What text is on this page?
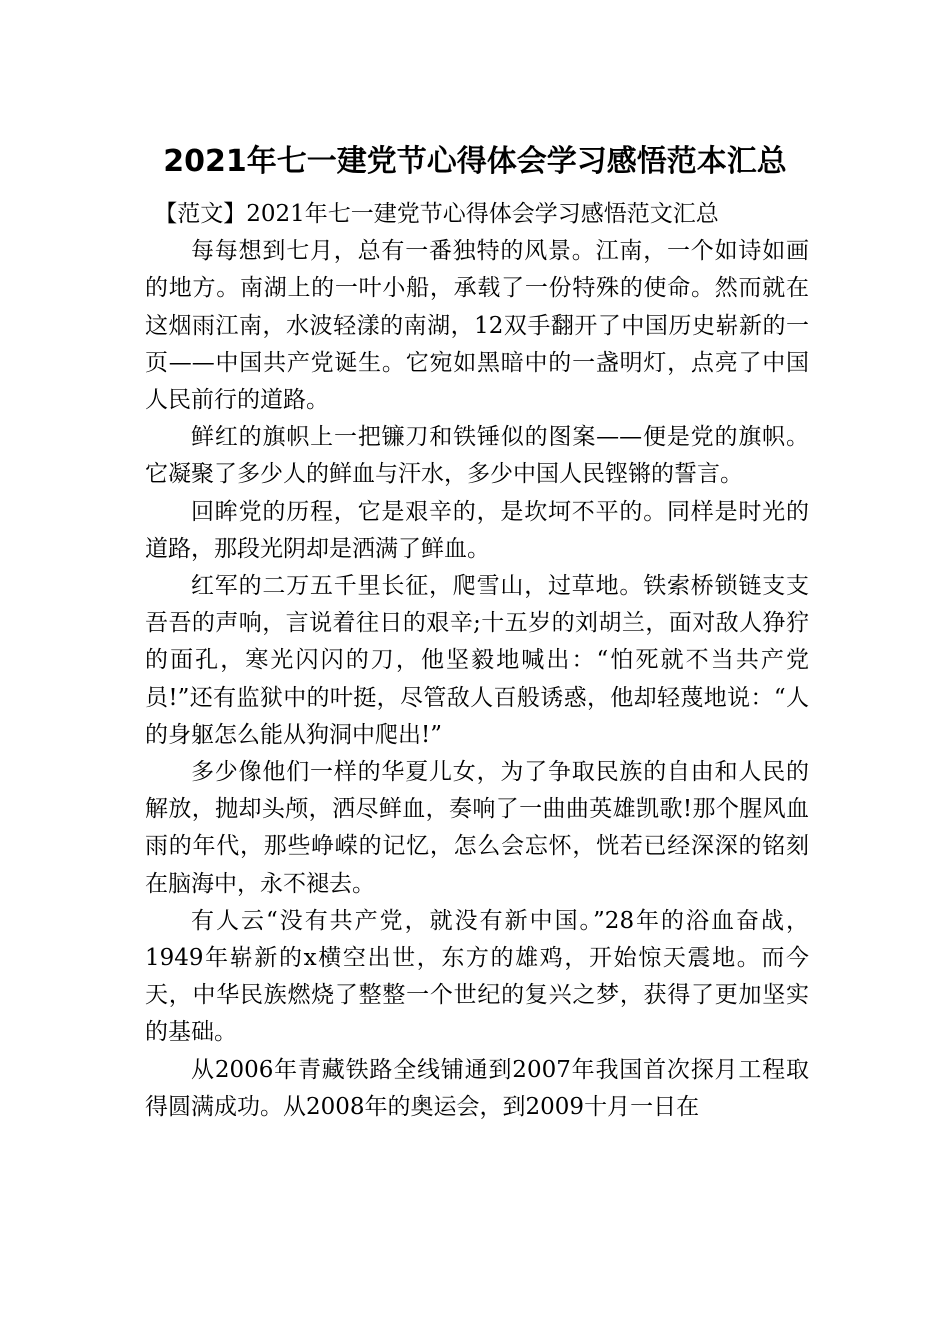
2021年七一建党节心得体会学习感悟范本汇总

【范文】2021年七一建党节心得体会学习感悟范文汇总

每每想到七月，总有一番独特的风景。江南，一个如诗如画的地方。南湖上的一叶小船，承载了一份特殊的使命。然而就在这烟雨江南，水波轻漾的南湖，12双手翻开了中国历史崭新的一页——中国共产党诞生。它宛如黑暗中的一盏明灯，点亮了中国人民前行的道路。

鲜红的旗帜上一把镰刀和铁锤似的图案——便是党的旗帜。它凝聚了多少人的鲜血与汗水，多少中国人民铿锵的誓言。

回眸党的历程，它是艰辛的，是坎坷不平的。同样是时光的道路，那段光阴却是洒满了鲜血。

红军的二万五千里长征，爬雪山，过草地。铁索桥锁链支支吾吾的声响，言说着往日的艰辛;十五岁的刘胡兰，面对敌人狰狞的面孔，寒光闪闪的刀，他坚毅地喊出：“怕死就不当共产党员!”还有监狱中的叶挺，尽管敌人百般诱惑，他却轻蔑地说：“人的身躯怎么能从狗洞中爬出!”

多少像他们一样的华夏儿女，为了争取民族的自由和人民的解放，抛却头颅，洒尽鲜血，奏响了一曲曲英雄凯歌!那个腥风血雨的年代，那些峥嵘的记忆，怎么会忘怀，恍若已经深深的铭刻在脑海中，永不褪去。

有人云“没有共产党，就没有新中国。”28年的浴血奋战，1949年崭新的x横空出世，东方的雄鸡，开始惊天震地。而今天，中华民族燃烧了整整一个世纪的复兴之梦，获得了更加坚实的基础。

从2006年青藏铁路全线铺通到2007年我国首次探月工程取得圆满成功。从2008年的奥运会，到2009十月一日在
